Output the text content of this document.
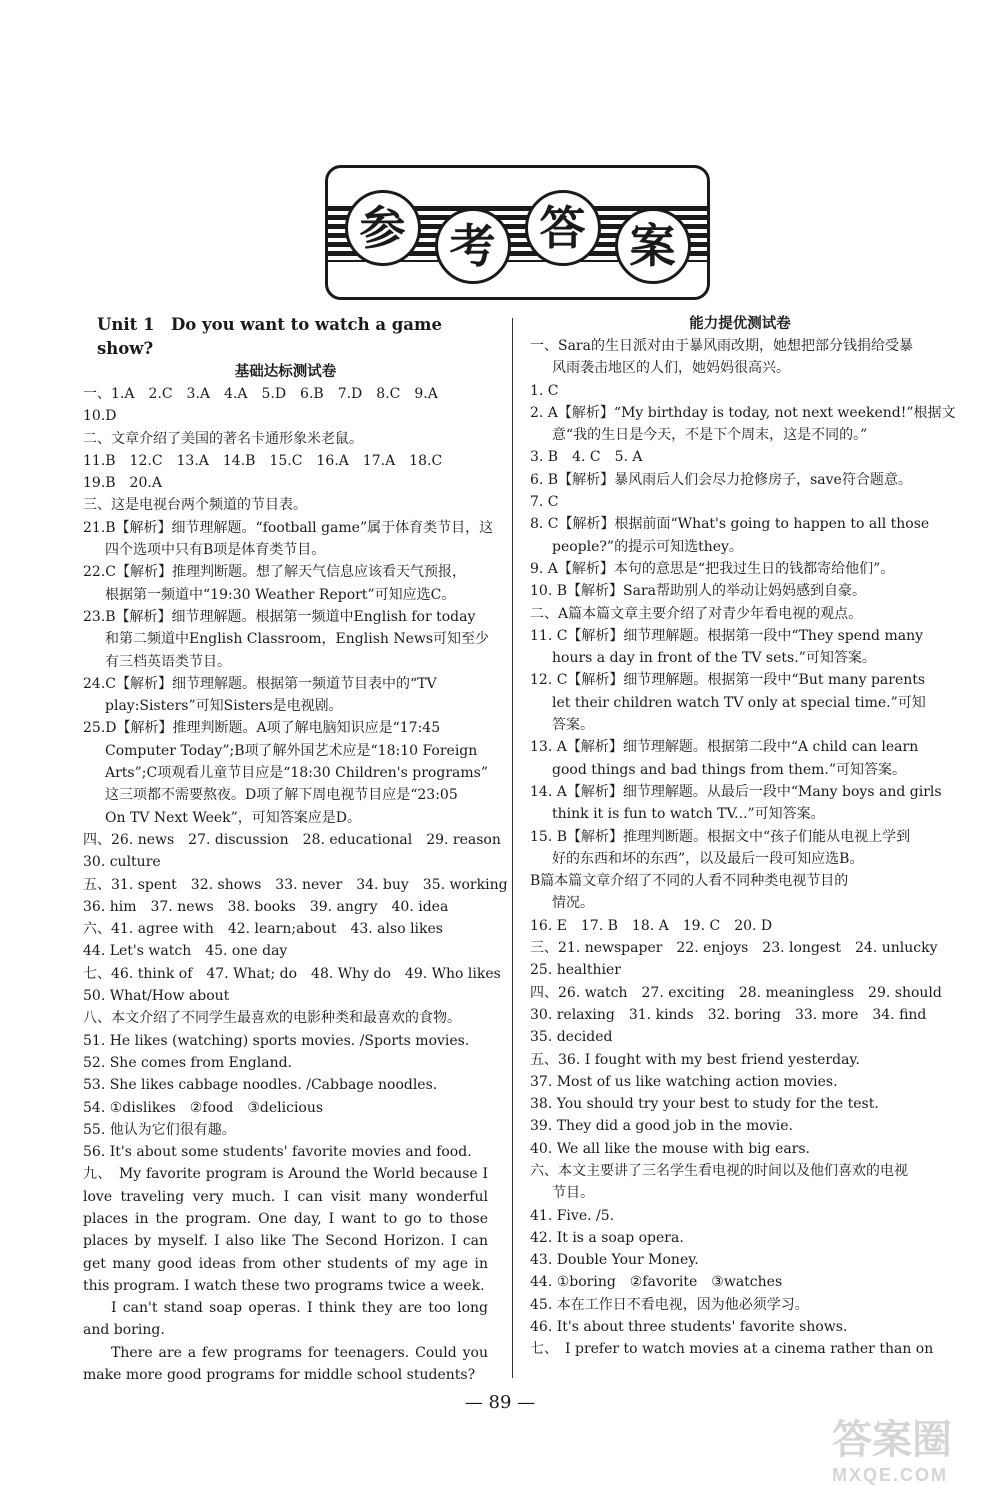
参 考 答 案

Unit 1　Do you want to watch a game show?

基础达标测试卷

一、1.A　2.C　3.A　4.A　5.D　6.B　7.D　8.C　9.A

10.D

二、文章介绍了美国的著名卡通形象米老鼠。

11.B　12.C　13.A　14.B　15.C　16.A　17.A　18.C

19.B　20.A

三、这是电视台两个频道的节目表。

21.B【解析】细节理解题。“football game”属于体育类节目，这

四个选项中只有B项是体育类节目。

22.C【解析】推理判断题。想了解天气信息应该看天气预报，

根据第一频道中“19:30 Weather Report”可知应选C。

23.B【解析】细节理解题。根据第一频道中English for today

和第二频道中English Classroom，English News可知至少

有三档英语类节目。

24.C【解析】细节理解题。根据第一频道节目表中的“TV

play:Sisters”可知Sisters是电视剧。

25.D【解析】推理判断题。A项了解电脑知识应是“17:45

Computer Today”;B项了解外国艺术应是“18:10 Foreign

Arts”;C项观看儿童节目应是“18:30 Children's programs”

这三项都不需要熬夜。D项了解下周电视节目应是“23:05

On TV Next Week”，可知答案应是D。

四、26. news　27. discussion　28. educational　29. reason

30. culture

五、31. spent　32. shows　33. never　34. buy　35. working

36. him　37. news　38. books　39. angry　40. idea

六、41. agree with　42. learn;about　43. also likes

44. Let's watch　45. one day

七、46. think of　47. What; do　48. Why do　49. Who likes

50. What/How about

八、本文介绍了不同学生最喜欢的电影种类和最喜欢的食物。

51. He likes (watching) sports movies. /Sports movies.

52. She comes from England.

53. She likes cabbage noodles. /Cabbage noodles.

54. ①dislikes　②food　③delicious

55. 他认为它们很有趣。

56. It's about some students' favorite movies and food.

九、　My favorite program is Around the World because I love traveling very much. I can visit many wonderful places in the program. One day, I want to go to those places by myself. I also like The Second Horizon. I can get many good ideas from other students of my age in this program. I watch these two programs twice a week.

I can't stand soap operas. I think they are too long and boring.

There are a few programs for teenagers. Could you make more good programs for middle school students?

能力提优测试卷

一、Sara的生日派对由于暴风雨改期，她想把部分钱捐给受暴

风雨袭击地区的人们，她妈妈很高兴。

1. C

2. A【解析】“My birthday is today, not next weekend!”根据文

意“我的生日是今天，不是下个周末，这是不同的。”

3. B　4. C　5. A

6. B【解析】暴风雨后人们会尽力抢修房子，save符合题意。

7. C

8. C【解析】根据前面“What's going to happen to all those

people?”的提示可知选they。

9. A【解析】本句的意思是“把我过生日的钱都寄给他们”。

10. B【解析】Sara帮助别人的举动让妈妈感到自豪。

二、A篇本篇文章主要介绍了对青少年看电视的观点。

11. C【解析】细节理解题。根据第一段中“They spend many

hours a day in front of the TV sets.”可知答案。

12. C【解析】细节理解题。根据第一段中“But many parents

let their children watch TV only at special time.”可知

答案。

13. A【解析】细节理解题。根据第二段中“A child can learn

good things and bad things from them.”可知答案。

14. A【解析】细节理解题。从最后一段中“Many boys and girls

think it is fun to watch TV...”可知答案。

15. B【解析】推理判断题。根据文中“孩子们能从电视上学到

好的东西和坏的东西”，以及最后一段可知应选B。

B篇本篇文章介绍了不同的人看不同种类电视节目的

情况。

16. E　17. B　18. A　19. C　20. D

三、21. newspaper　22. enjoys　23. longest　24. unlucky

25. healthier

四、26. watch　27. exciting　28. meaningless　29. should

30. relaxing　31. kinds　32. boring　33. more　34. find

35. decided

五、36. I fought with my best friend yesterday.

37. Most of us like watching action movies.

38. You should try your best to study for the test.

39. They did a good job in the movie.

40. We all like the mouse with big ears.

六、本文主要讲了三名学生看电视的时间以及他们喜欢的电视

节目。

41. Five. /5.

42. It is a soap opera.

43. Double Your Money.

44. ①boring　②favorite　③watches

45. 本在工作日不看电视，因为他必须学习。

46. It's about three students' favorite shows.

七、　I prefer to watch movies at a cinema rather than on

— 89 —
答案圈
MXQE.COM
